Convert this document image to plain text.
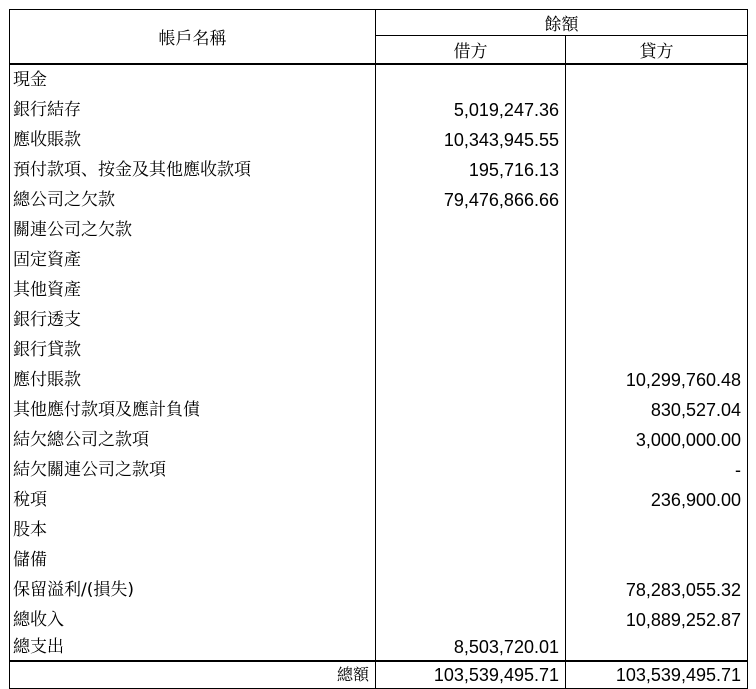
帳戶名稱	餘額	
	借方	貸方
現金		
銀行結存	5,019,247.36	
應收賬款	10,343,945.55	
預付款項、按金及其他應收款項	195,716.13	
總公司之欠款	79,476,866.66	
關連公司之欠款		
固定資產		
其他資產		
銀行透支		
銀行貸款		
應付賬款		10,299,760.48
其他應付款項及應計負債		830,527.04
結欠總公司之款項		3,000,000.00
結欠關連公司之款項		-
稅項		236,900.00
股本		
儲備		
保留溢利/(損失)		78,283,055.32
總收入		10,889,252.87
總支出	8,503,720.01	
總額	103,539,495.71	103,539,495.71
